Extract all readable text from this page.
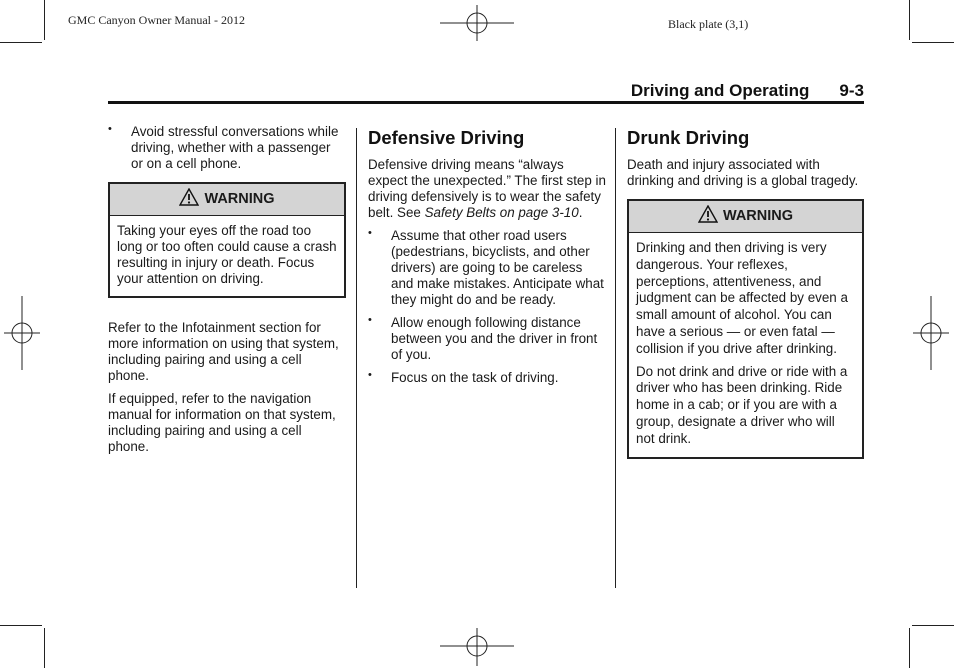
GMC Canyon Owner Manual - 2012	Black plate (3,1)
Driving and Operating 9-3
• Avoid stressful conversations while driving, whether with a passenger or on a cell phone.
WARNING

Taking your eyes off the road too long or too often could cause a crash resulting in injury or death. Focus your attention on driving.

Refer to the Infotainment section for more information on using that system, including pairing and using a cell phone.

If equipped, refer to the navigation manual for information on that system, including pairing and using a cell phone.

Defensive Driving

Defensive driving means “always expect the unexpected.” The first step in driving defensively is to wear the safety belt. See Safety Belts on page 3-10.

• Assume that other road users (pedestrians, bicyclists, and other drivers) are going to be careless and make mistakes. Anticipate what they might do and be ready.
• Allow enough following distance between you and the driver in front of you.
• Focus on the task of driving.
Drunk Driving

Death and injury associated with drinking and driving is a global tragedy.

WARNING

Drinking and then driving is very dangerous. Your reflexes, perceptions, attentiveness, and judgment can be affected by even a small amount of alcohol. You can have a serious — or even fatal — collision if you drive after drinking.

Do not drink and drive or ride with a driver who has been drinking. Ride home in a cab; or if you are with a group, designate a driver who will not drink.
